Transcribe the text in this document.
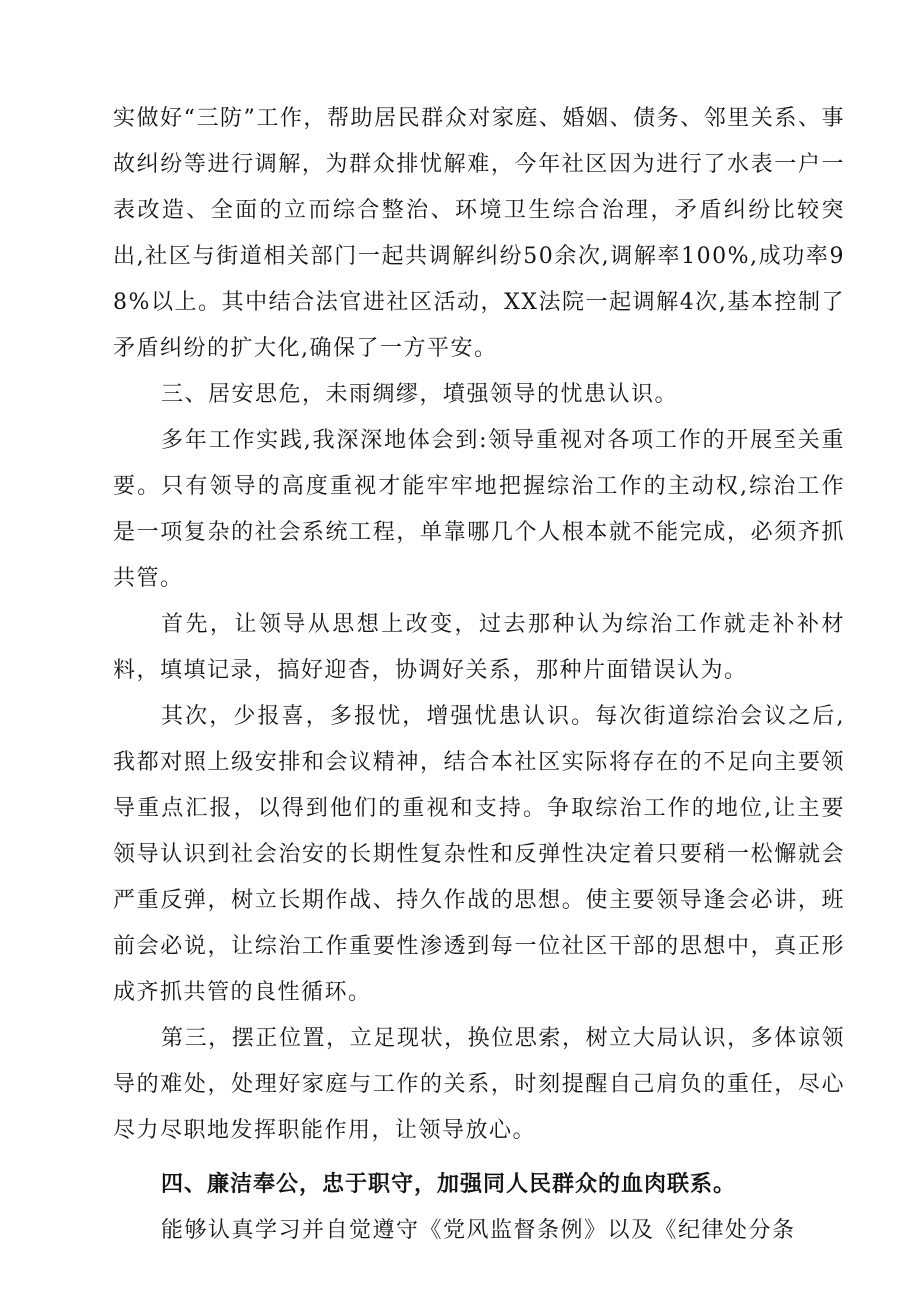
实做好“三防”工作，帮助居民群众对家庭、婚姻、债务、邻里关系、事故纠纷等进行调解，为群众排忧解难，今年社区因为进行了水表一户一表改造、全面的立而综合整治、环境卫生综合治理，矛盾纠纷比较突出,社区与街道相关部门一起共调解纠纷50余次,调解率100%,成功率98%以上。其中结合法官进社区活动，XX法院一起调解4次,基本控制了矛盾纠纷的扩大化,确保了一方平安。

三、居安思危，未雨绸缪，墳强领导的忧患认识。

多年工作实践,我深深地体会到:领导重视对各项工作的开展至关重要。只有领导的高度重视才能牢牢地把握综治工作的主动权,综治工作是一项复杂的社会系统工程，单靠哪几个人根本就不能完成，必须齐抓共管。

首先，让领导从思想上改变，过去那种认为综治工作就走补补材料，填填记录，搞好迎杳，协调好关系，那种片面错误认为。

其次，少报喜，多报忧，增强忧患认识。每次街道综治会议之后,我都对照上级安排和会议精神，结合本社区实际将存在的不足向主要领导重点汇报，以得到他们的重视和支持。争取综治工作的地位,让主要领导认识到社会治安的长期性复杂性和反弹性决定着只要稍一松懈就会严重反弹，树立长期作战、持久作战的思想。使主要领导逢会必讲，班前会必说，让综治工作重要性渗透到每一位社区干部的思想中，真正形成齐抓共管的良性循环。

第三，摆正位置，立足现状，换位思索，树立大局认识，多体谅领导的难处，处理好家庭与工作的关系，时刻提醒自己肩负的重任，尽心尽力尽职地发挥职能作用，让领导放心。

四、廉洁奉公，忠于职守，加强同人民群众的血肉联系。

能够认真学习并自觉遵守《党风监督条例》以及《纪律处分条
